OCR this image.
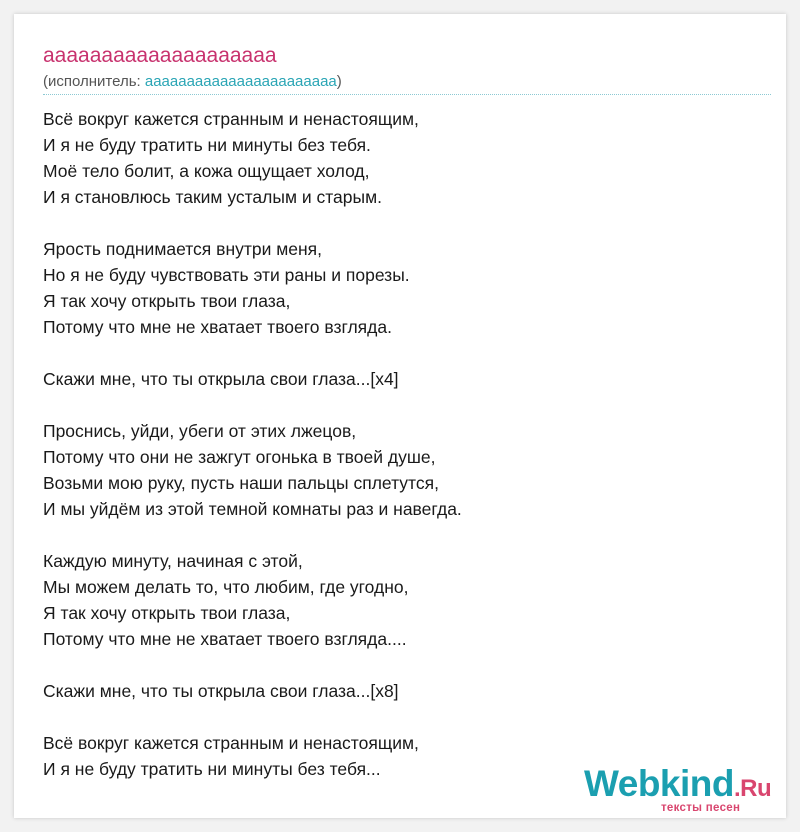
аааааааааааааааааааа
(исполнитель: ааааааааааааааааааааааа)
Всё вокруг кажется странным и ненастоящим,
И я не буду тратить ни минуты без тебя.
Моё тело болит, а кожа ощущает холод,
И я становлюсь таким усталым и старым.
Ярость поднимается внутри меня,
Но я не буду чувствовать эти раны и порезы.
Я так хочу открыть твои глаза,
Потому что мне не хватает твоего взгляда.
Скажи мне, что ты открыла свои глаза...[x4]
Проснись, уйди, убеги от этих лжецов,
Потому что они не зажгут огонька в твоей душе,
Возьми мою руку, пусть наши пальцы сплетутся,
И мы уйдём из этой темной комнаты раз и навегда.
Каждую минуту, начиная с этой,
Мы можем делать то, что любим, где угодно,
Я так хочу открыть твои глаза,
Потому что мне не хватает твоего взгляда....
Скажи мне, что ты открыла свои глаза...[x8]
Всё вокруг кажется странным и ненастоящим,
И я не буду тратить ни минуты без тебя...	Webkind.Ru
тексты песен
